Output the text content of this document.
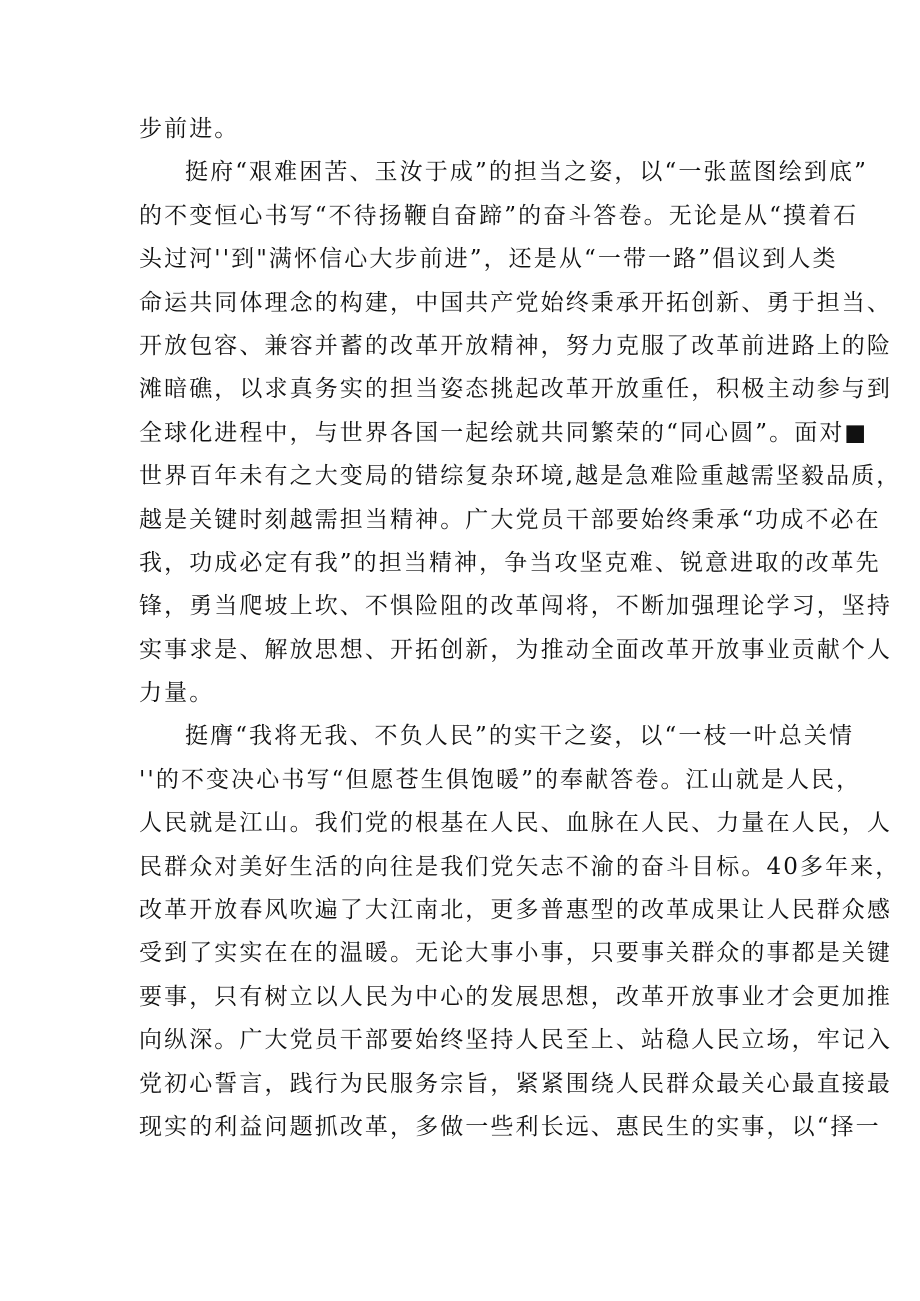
步前进。
挺府“艰难困苦、玉汝于成”的担当之姿，以“一张蓝图绘到底”
的不变恒心书写“不待扬鞭自奋蹄”的奋斗答卷。无论是从“摸着石
头过河''到"满怀信心大步前进”，还是从“一带一路”倡议到人类
命运共同体理念的构建，中国共产党始终秉承开拓创新、勇于担当、
开放包容、兼容并蓄的改革开放精神，努力克服了改革前进路上的险
滩暗礁，以求真务实的担当姿态挑起改革开放重任，积极主动参与到
全球化进程中，与世界各国一起绘就共同繁荣的“同心圆”。面对■
世界百年未有之大变局的错综复杂环境,越是急难险重越需坚毅品质，
越是关键时刻越需担当精神。广大党员干部要始终秉承“功成不必在
我，功成必定有我”的担当精神，争当攻坚克难、锐意进取的改革先
锋，勇当爬坡上坎、不惧险阻的改革闯将，不断加强理论学习，坚持
实事求是、解放思想、开拓创新，为推动全面改革开放事业贡献个人
力量。
挺膺“我将无我、不负人民”的实干之姿，以“一枝一叶总关情
''的不变决心书写“但愿苍生俱饱暖”的奉献答卷。江山就是人民，
人民就是江山。我们党的根基在人民、血脉在人民、力量在人民，人
民群众对美好生活的向往是我们党矢志不渝的奋斗目标。40多年来，
改革开放春风吹遍了大江南北，更多普惠型的改革成果让人民群众感
受到了实实在在的温暖。无论大事小事，只要事关群众的事都是关键
要事，只有树立以人民为中心的发展思想，改革开放事业才会更加推
向纵深。广大党员干部要始终坚持人民至上、站稳人民立场，牢记入
党初心誓言，践行为民服务宗旨，紧紧围绕人民群众最关心最直接最
现实的利益问题抓改革，多做一些利长远、惠民生的实事，以“择一
